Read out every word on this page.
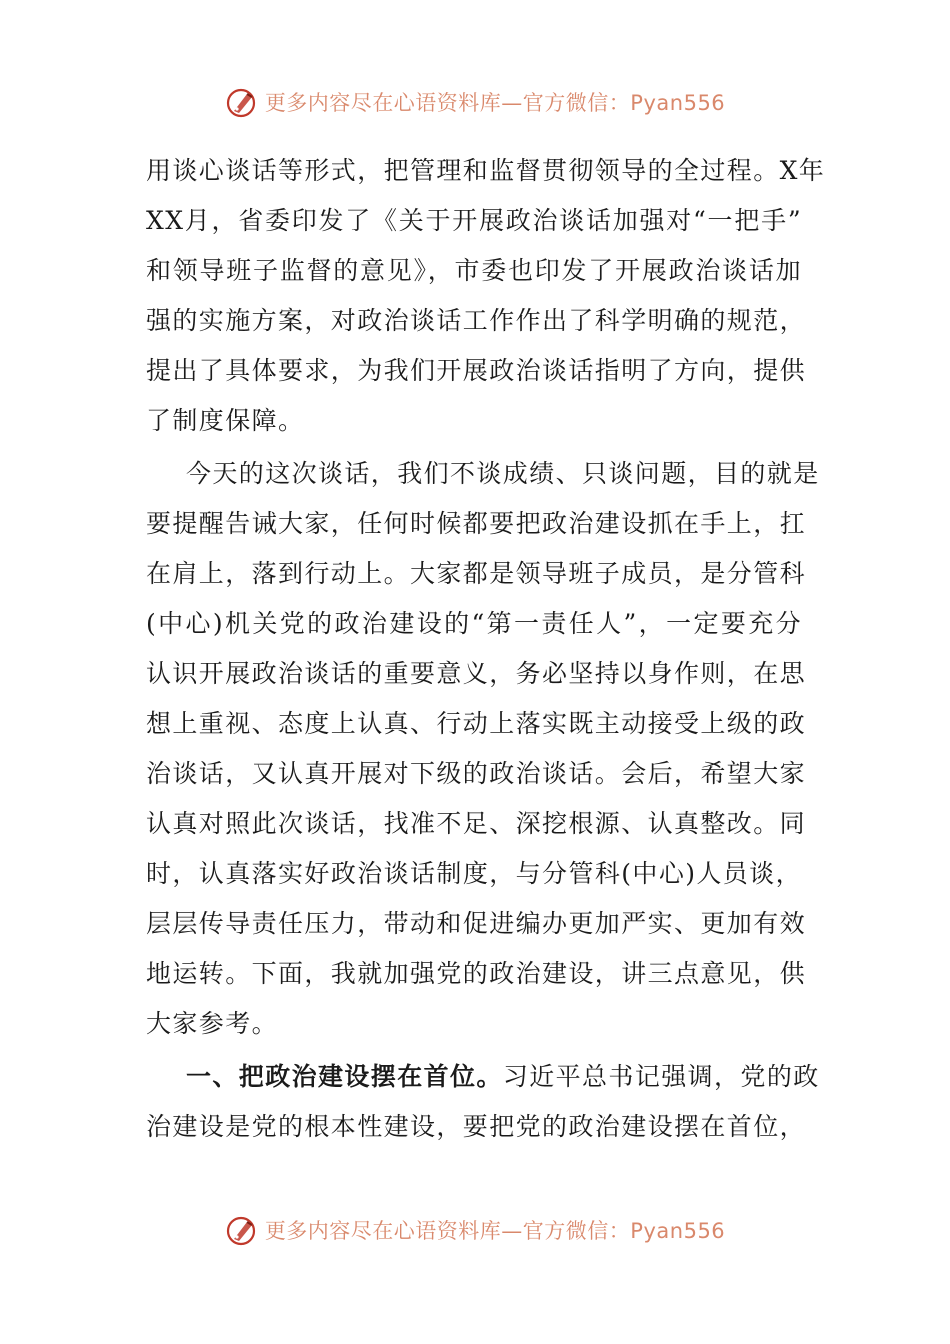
更多内容尽在心语资料库—官方微信：Pyan556
用谈心谈话等形式，把管理和监督贯彻领导的全过程。X年
XX月，省委印发了《关于开展政治谈话加强对“一把手”
和领导班子监督的意见》，市委也印发了开展政治谈话加
强的实施方案，对政治谈话工作作出了科学明确的规范，
提出了具体要求，为我们开展政治谈话指明了方向，提供
了制度保障。
今天的这次谈话，我们不谈成绩、只谈问题，目的就是
要提醒告诫大家，任何时候都要把政治建设抓在手上，扛
在肩上，落到行动上。大家都是领导班子成员，是分管科
(中心)机关党的政治建设的“第一责任人”，一定要充分
认识开展政治谈话的重要意义，务必坚持以身作则，在思
想上重视、态度上认真、行动上落实既主动接受上级的政
治谈话，又认真开展对下级的政治谈话。会后，希望大家
认真对照此次谈话，找准不足、深挖根源、认真整改。同
时，认真落实好政治谈话制度，与分管科(中心)人员谈，
层层传导责任压力，带动和促进编办更加严实、更加有效
地运转。下面，我就加强党的政治建设，讲三点意见，供
大家参考。
一、把政治建设摆在首位。习近平总书记强调，党的政
治建设是党的根本性建设，要把党的政治建设摆在首位，
更多内容尽在心语资料库—官方微信：Pyan556
